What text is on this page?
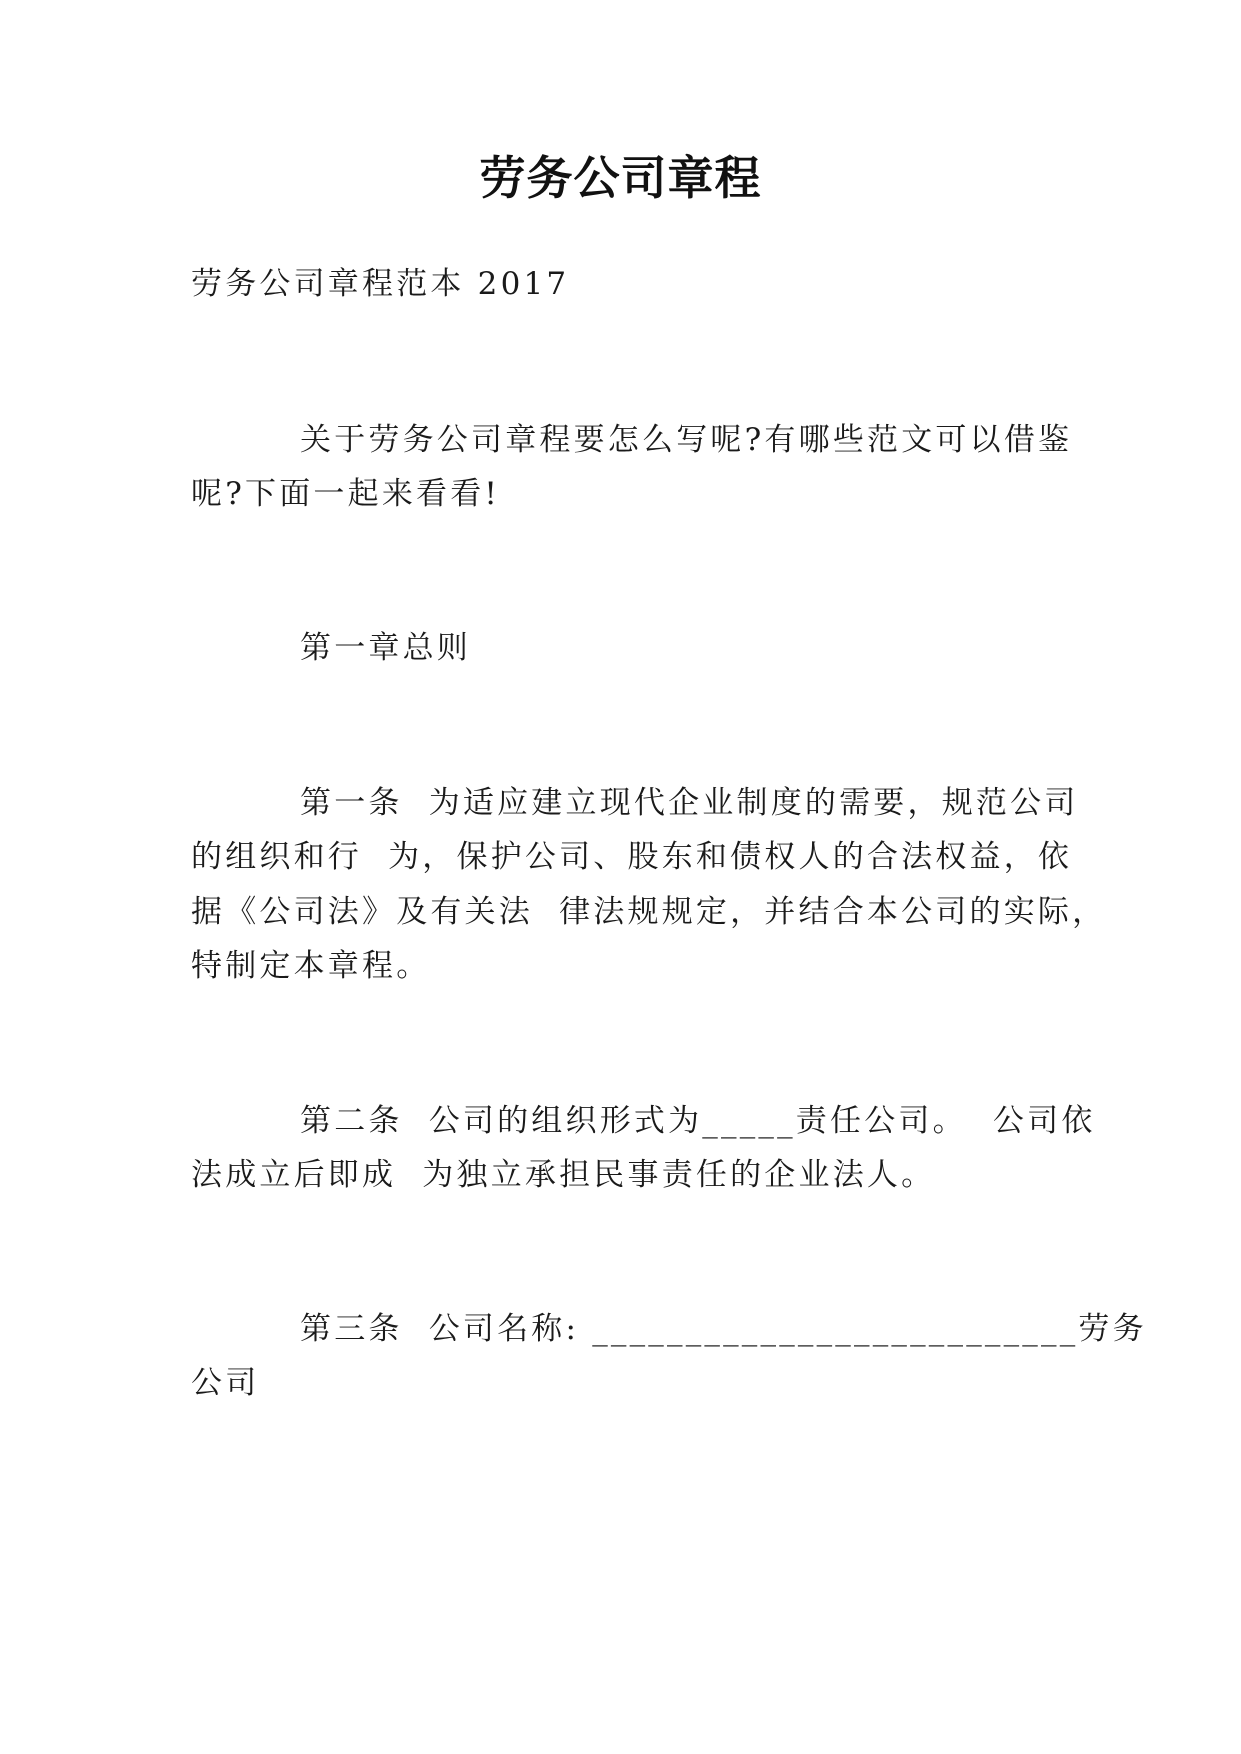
劳务公司章程
劳务公司章程范本 2017
关于劳务公司章程要怎么写呢?有哪些范文可以借鉴
呢?下面一起来看看!
第一章总则
第一条  为适应建立现代企业制度的需要，规范公司
的组织和行  为，保护公司、股东和债权人的合法权益，依
据《公司法》及有关法  律法规规定，并结合本公司的实际，
特制定本章程。
第二条  公司的组织形式为_____责任公司。  公司依
法成立后即成  为独立承担民事责任的企业法人。
第三条  公司名称: __________________________劳务
公司
